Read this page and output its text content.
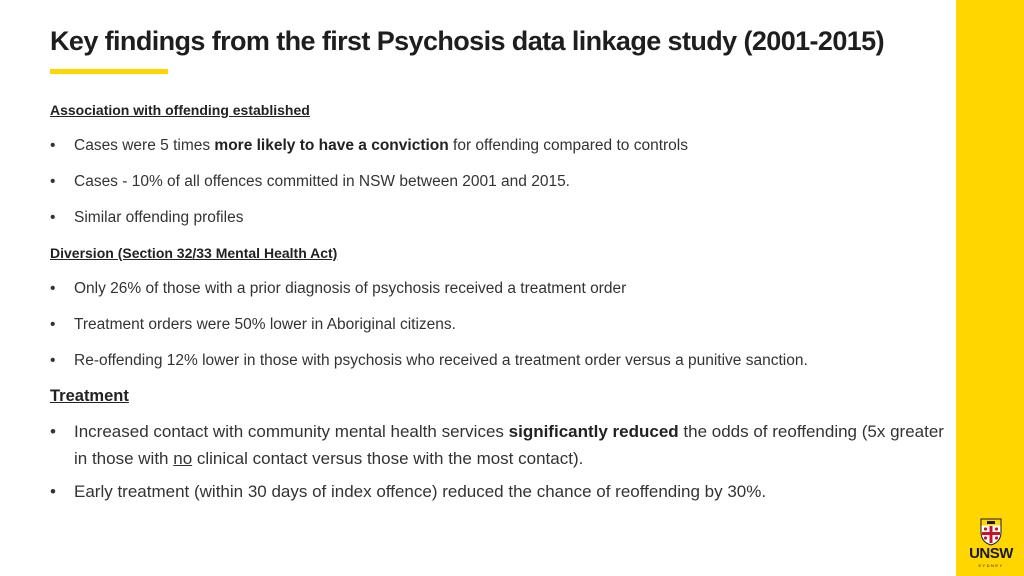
Key findings from the first Psychosis data linkage study (2001-2015)
Association with offending established
• Cases were 5 times more likely to have a conviction for offending compared to controls
• Cases - 10% of all offences committed in NSW between 2001 and 2015.
• Similar offending profiles
Diversion (Section 32/33 Mental Health Act)
• Only 26% of those with a prior diagnosis of psychosis received a treatment order
• Treatment orders were 50% lower in Aboriginal citizens.
• Re-offending 12% lower in those with psychosis who received a treatment order versus a punitive sanction.
Treatment
• Increased contact with community mental health services significantly reduced the odds of reoffending (5x greater in those with no clinical contact versus those with the most contact).
• Early treatment (within 30 days of index offence) reduced the chance of reoffending by 30%.
UNSW
SYDNEY
